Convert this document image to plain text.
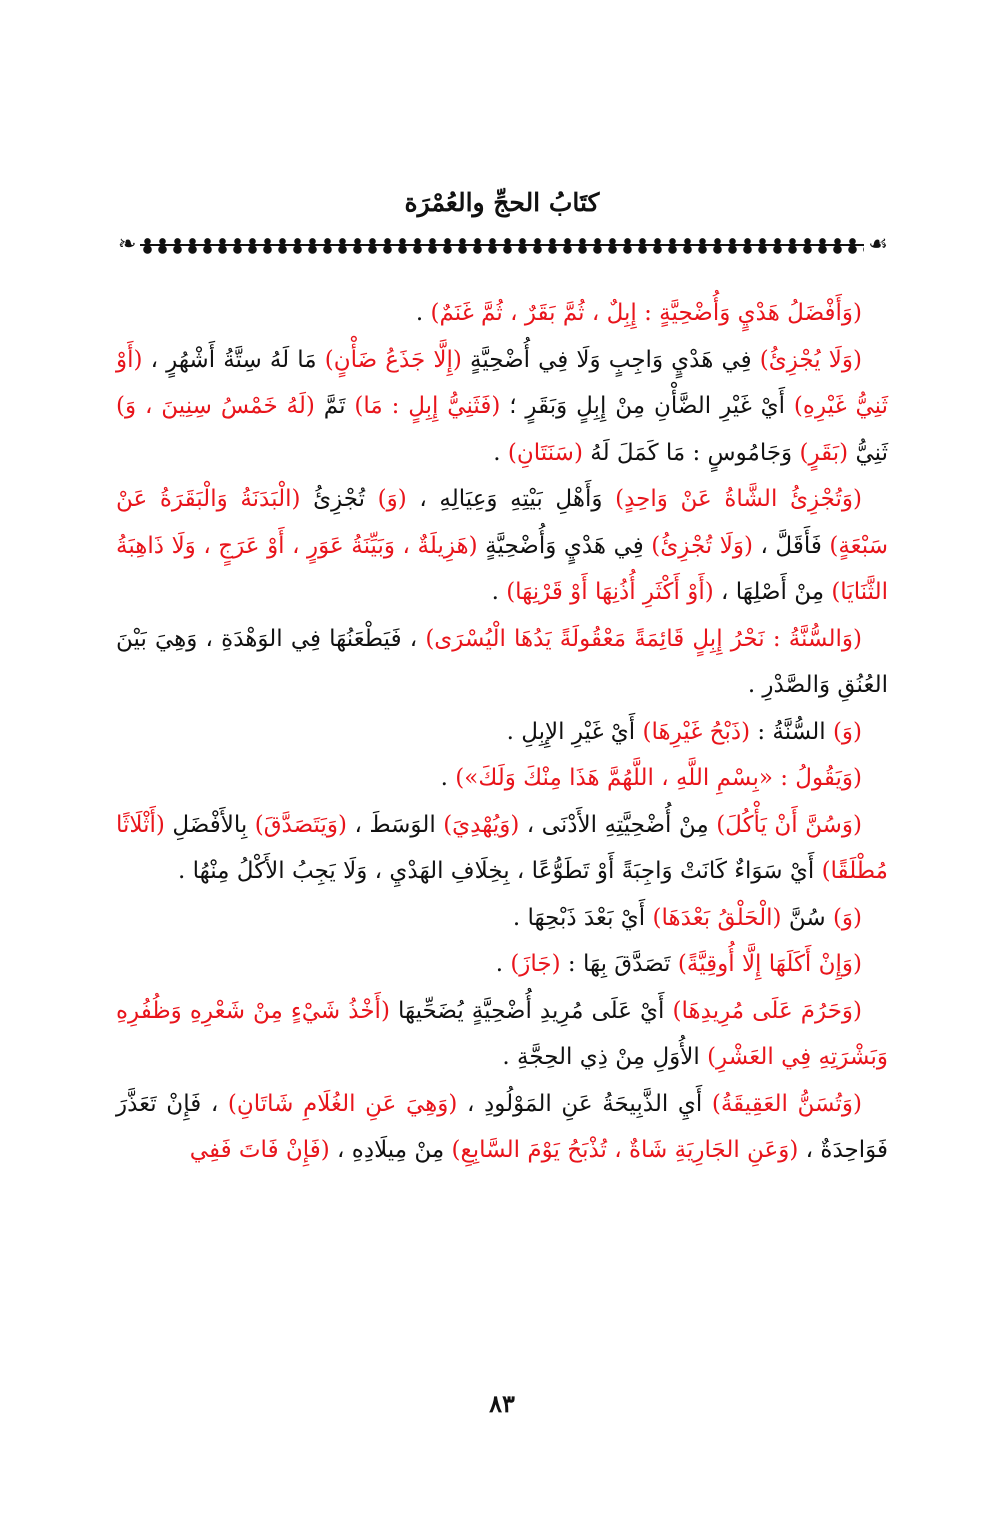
كتَابُ الحجِّ والعُمْرَة
☙
❧

(وَأَفْضَلُ هَدْيٍ وَأُضْحِيَّةٍ : إِبِلٌ ، ثُمَّ بَقَرٌ ، ثُمَّ غَنَمٌ) .

(وَلَا يُجْزِئُ) فِي هَدْيٍ وَاجِبٍ وَلَا فِي أُضْحِيَّةٍ (إِلَّا جَذَعُ ضَأْنٍ) مَا لَهُ سِتَّةُ أَشْهُرٍ ، (أَوْ ثَنِيُّ غَيْرِهِ) أَيْ غَيْرِ الضَّأْنِ مِنْ إِبِلٍ وَبَقَرٍ ؛ (فَثَنِيُّ إِبِلٍ : مَا) تَمَّ (لَهُ خَمْسُ سِنِينَ ، وَ) ثَنِيُّ (بَقَرٍ) وَجَامُوسٍ : مَا كَمَلَ لَهُ (سَنَتَانِ) .

(وَتُجْزِئُ الشَّاةُ عَنْ وَاحِدٍ) وَأَهْلِ بَيْتِهِ وَعِيَالِهِ ، (وَ) تُجْزِئُ (الْبَدَنَةُ وَالْبَقَرَةُ عَنْ سَبْعَةٍ) فَأَقَلَّ ، (وَلَا تُجْزِئُ) فِي هَدْيٍ وَأُضْحِيَّةٍ (هَزِيلَةٌ ، وَبَيِّنَةُ عَوَرٍ ، أَوْ عَرَجٍ ، وَلَا ذَاهِبَةُ الثَّنَايَا) مِنْ أَصْلِهَا ، (أَوْ أَكْثَرِ أُذُنِهَا أَوْ قَرْنِهَا) .

(وَالسُّنَّةُ : نَحْرُ إِبِلٍ قَائِمَةً مَعْقُولَةً يَدُهَا الْيُسْرَى) ، فَيَطْعَنُهَا فِي الوَهْدَةِ ، وَهِيَ بَيْنَ العُنُقِ وَالصَّدْرِ .

(وَ) السُّنَّةُ : (ذَبْحُ غَيْرِهَا) أَيْ غَيْرِ الإِبِلِ .

(وَيَقُولُ : «بِسْمِ اللَّهِ ، اللَّهُمَّ هَذَا مِنْكَ وَلَكَ») .

(وَسُنَّ أَنْ يَأْكُلَ) مِنْ أُضْحِيَّتِهِ الأَدْنَى ، (وَيُهْدِيَ) الوَسَطَ ، (وَيَتَصَدَّقَ) بِالأَفْضَلِ (أَثْلَاثًا مُطْلَقًا) أَيْ سَوَاءٌ كَانَتْ وَاجِبَةً أَوْ تَطَوُّعًا ، بِخِلَافِ الهَدْيِ ، وَلَا يَجِبُ الأَكْلُ مِنْهُا .

(وَ) سُنَّ (الْحَلْقُ بَعْدَهَا) أَيْ بَعْدَ ذَبْحِهَا .

(وَإِنْ أَكَلَهَا إِلَّا أُوقِيَّةً) تَصَدَّقَ بِهَا : (جَازَ) .

(وَحَرُمَ عَلَى مُرِيدِهَا) أَيْ عَلَى مُرِيدِ أُضْحِيَّةٍ يُضَحِّيهَا (أَخْذُ شَيْءٍ مِنْ شَعْرِهِ وَظُفُرِهِ وَبَشْرَتِهِ فِي العَشْرِ) الأُوَلِ مِنْ ذِي الحِجَّةِ .

(وَتُسَنُّ العَقِيقَةُ) أَيِ الذَّبِيحَةُ عَنِ المَوْلُودِ ، (وَهِيَ عَنِ الغُلَامِ شَاتَانِ) ، فَإِنْ تَعَذَّرَ فَوَاحِدَةٌ ، (وَعَنِ الجَارِيَةِ شَاةٌ ، تُذْبَحُ يَوْمَ السَّابِعِ) مِنْ مِيلَادِهِ ، (فَإِنْ فَاتَ فَفِي

٨٣
